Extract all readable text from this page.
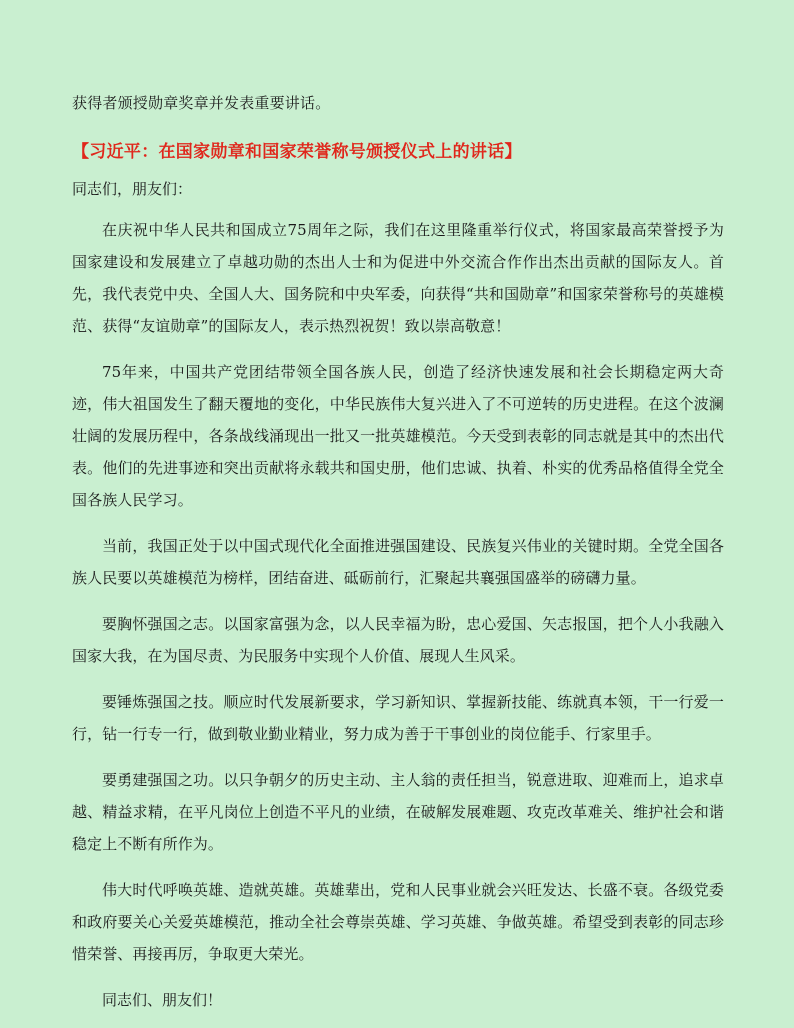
获得者颁授勋章奖章并发表重要讲话。

【习近平：在国家勋章和国家荣誉称号颁授仪式上的讲话】

同志们，朋友们：

在庆祝中华人民共和国成立75周年之际，我们在这里隆重举行仪式，将国家最高荣誉授予为国家建设和发展建立了卓越功勋的杰出人士和为促进中外交流合作作出杰出贡献的国际友人。首先，我代表党中央、全国人大、国务院和中央军委，向获得“共和国勋章”和国家荣誉称号的英雄模范、获得“友谊勋章”的国际友人，表示热烈祝贺！致以崇高敬意！

75年来，中国共产党团结带领全国各族人民，创造了经济快速发展和社会长期稳定两大奇迹，伟大祖国发生了翻天覆地的变化，中华民族伟大复兴进入了不可逆转的历史进程。在这个波澜壮阔的发展历程中，各条战线涌现出一批又一批英雄模范。今天受到表彰的同志就是其中的杰出代表。他们的先进事迹和突出贡献将永载共和国史册，他们忠诚、执着、朴实的优秀品格值得全党全国各族人民学习。

当前，我国正处于以中国式现代化全面推进强国建设、民族复兴伟业的关键时期。全党全国各族人民要以英雄模范为榜样，团结奋进、砥砺前行，汇聚起共襄强国盛举的磅礴力量。

要胸怀强国之志。以国家富强为念，以人民幸福为盼，忠心爱国、矢志报国，把个人小我融入国家大我，在为国尽责、为民服务中实现个人价值、展现人生风采。

要锤炼强国之技。顺应时代发展新要求，学习新知识、掌握新技能、练就真本领，干一行爱一行，钻一行专一行，做到敬业勤业精业，努力成为善于干事创业的岗位能手、行家里手。

要勇建强国之功。以只争朝夕的历史主动、主人翁的责任担当，锐意进取、迎难而上，追求卓越、精益求精，在平凡岗位上创造不平凡的业绩，在破解发展难题、攻克改革难关、维护社会和谐稳定上不断有所作为。

伟大时代呼唤英雄、造就英雄。英雄辈出，党和人民事业就会兴旺发达、长盛不衰。各级党委和政府要关心关爱英雄模范，推动全社会尊崇英雄、学习英雄、争做英雄。希望受到表彰的同志珍惜荣誉、再接再厉，争取更大荣光。

同志们、朋友们！
